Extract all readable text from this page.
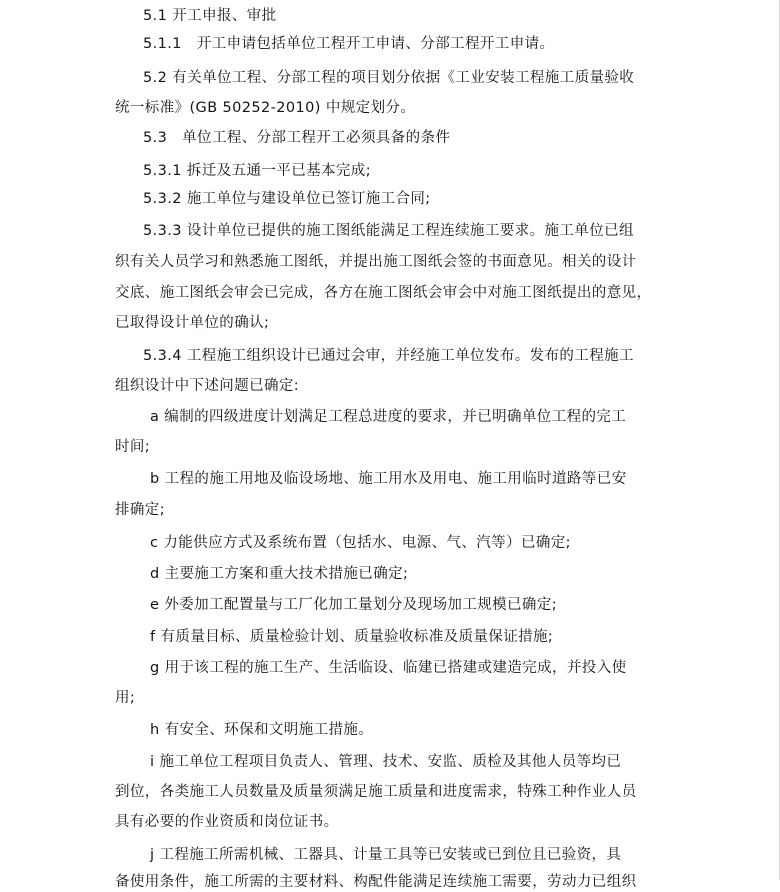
5.1 开工申报、审批

5.1.1　开工申请包括单位工程开工申请、分部工程开工申请。

5.2 有关单位工程、分部工程的项目划分依据《工业安装工程施工质量验收

统一标准》(GB 50252-2010) 中规定划分。

5.3　单位工程、分部工程开工必须具备的条件

5.3.1 拆迁及五通一平已基本完成;

5.3.2 施工单位与建设单位已签订施工合同;

5.3.3 设计单位已提供的施工图纸能满足工程连续施工要求。施工单位已组

织有关人员学习和熟悉施工图纸，并提出施工图纸会签的书面意见。相关的设计

交底、施工图纸会审会已完成，各方在施工图纸会审会中对施工图纸提出的意见，

已取得设计单位的确认;

5.3.4 工程施工组织设计已通过会审，并经施工单位发布。发布的工程施工

组织设计中下述问题已确定:

a 编制的四级进度计划满足工程总进度的要求，并已明确单位工程的完工

时间;

b 工程的施工用地及临设场地、施工用水及用电、施工用临时道路等已安

排确定;

c 力能供应方式及系统布置（包括水、电源、气、汽等）已确定;

d 主要施工方案和重大技术措施已确定;

e 外委加工配置量与工厂化加工量划分及现场加工规模已确定;

f 有质量目标、质量检验计划、质量验收标准及质量保证措施;

g 用于该工程的施工生产、生活临设、临建已搭建或建造完成，并投入使

用;

h 有安全、环保和文明施工措施。

i 施工单位工程项目负责人、管理、技术、安监、质检及其他人员等均已

到位，各类施工人员数量及质量须满足施工质量和进度需求，特殊工种作业人员

具有必要的作业资质和岗位证书。

j 工程施工所需机械、工器具、计量工具等已安装或已到位且已验资，具

备使用条件，施工所需的主要材料、构配件能满足连续施工需要，劳动力已组织
